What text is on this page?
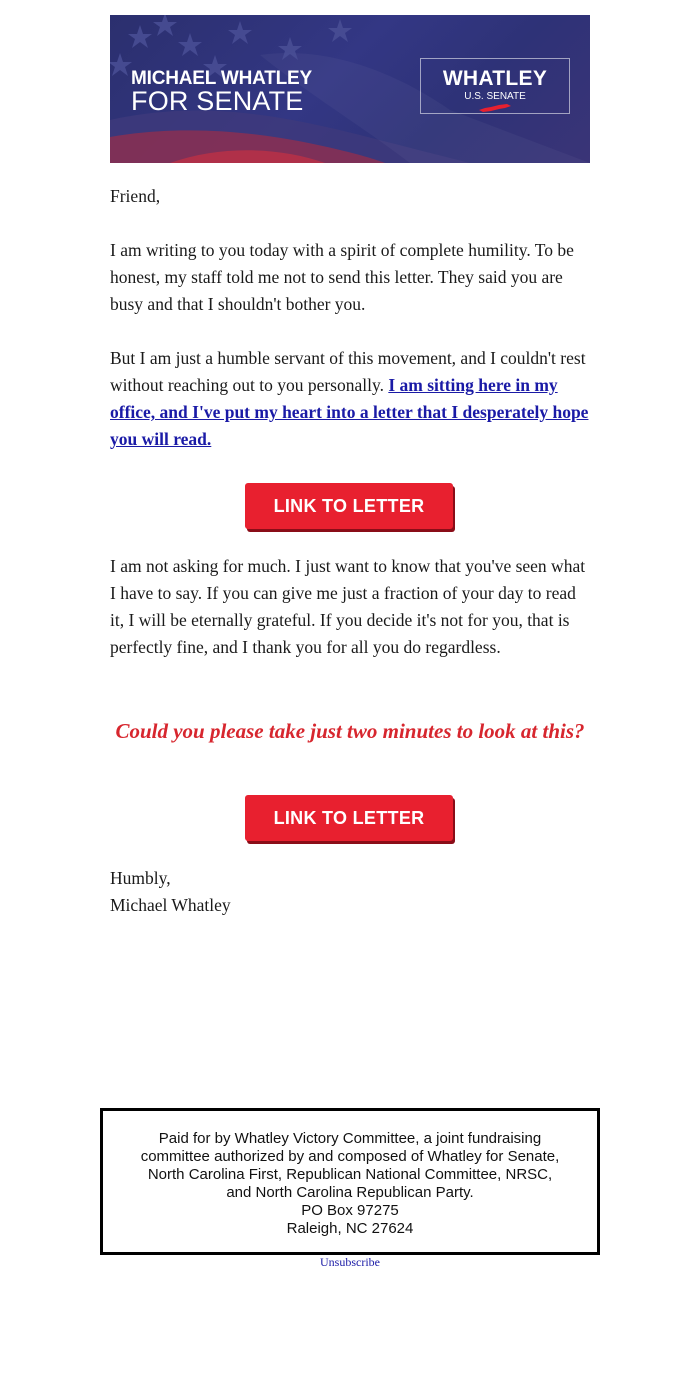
MICHAEL WHATLEY
FOR SENATE
WHATLEY
U.S. SENATE

Friend,

I am writing to you today with a spirit of complete humility. To be honest, my staff told me not to send this letter. They said you are busy and that I shouldn't bother you.

But I am just a humble servant of this movement, and I couldn't rest without reaching out to you personally. I am sitting here in my office, and I've put my heart into a letter that I desperately hope you will read.

LINK TO LETTER

I am not asking for much. I just want to know that you've seen what I have to say. If you can give me just a fraction of your day to read it, I will be eternally grateful. If you decide it's not for you, that is perfectly fine, and I thank you for all you do regardless.

Could you please take just two minutes to look at this?
LINK TO LETTER

Humbly,

Michael Whatley

Paid for by Whatley Victory Committee, a joint fundraising
committee authorized by and composed of Whatley for Senate,
North Carolina First, Republican National Committee, NRSC,
and North Carolina Republican Party.
PO Box 97275
Raleigh, NC 27624
Unsubscribe
